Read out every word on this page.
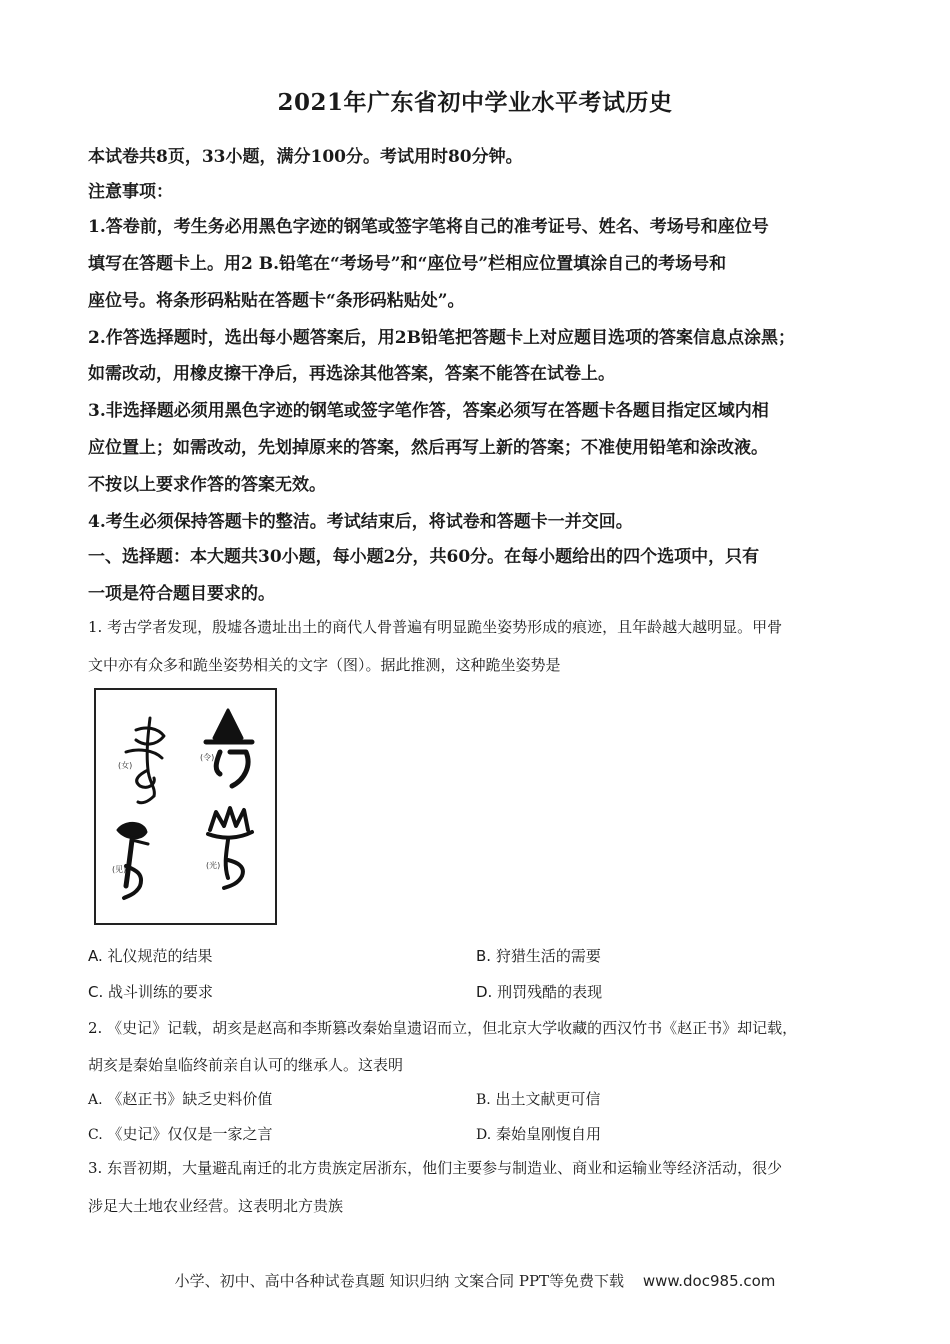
2021年广东省初中学业水平考试历史
本试卷共8页，33小题，满分100分。考试用时80分钟。
注意事项：
1.答卷前，考生务必用黑色字迹的钢笔或签字笔将自己的准考证号、姓名、考场号和座位号
填写在答题卡上。用2 B.铅笔在“考场号”和“座位号”栏相应位置填涂自己的考场号和
座位号。将条形码粘贴在答题卡“条形码粘贴处”。
2.作答选择题时，选出每小题答案后，用2B铅笔把答题卡上对应题目选项的答案信息点涂黑；
如需改动，用橡皮擦干净后，再选涂其他答案，答案不能答在试卷上。
3.非选择题必须用黑色字迹的钢笔或签字笔作答，答案必须写在答题卡各题目指定区域内相
应位置上；如需改动，先划掉原来的答案，然后再写上新的答案；不准使用铅笔和涂改液。
不按以上要求作答的答案无效。
4.考生必须保持答题卡的整洁。考试结束后，将试卷和答题卡一并交回。
一、选择题：本大题共30小题，每小题2分，共60分。在每小题给出的四个选项中，只有
一项是符合题目要求的。
1. 考古学者发现，殷墟各遗址出土的商代人骨普遍有明显跪坐姿势形成的痕迹，且年龄越大越明显。甲骨
文中亦有众多和跪坐姿势相关的文字（图）。据此推测，这种跪坐姿势是
(女)
(令)
(见)	(光)
A. 礼仪规范的结果	B. 狩猎生活的需要
C. 战斗训练的要求	D. 刑罚残酷的表现
2. 《史记》记载，胡亥是赵高和李斯篡改秦始皇遗诏而立，但北京大学收藏的西汉竹书《赵正书》却记载，
胡亥是秦始皇临终前亲自认可的继承人。这表明
A. 《赵正书》缺乏史料价值	B. 出土文献更可信
C. 《史记》仅仅是一家之言	D. 秦始皇刚愎自用
3. 东晋初期，大量避乱南迁的北方贵族定居浙东，他们主要参与制造业、商业和运输业等经济活动，很少
涉足大土地农业经营。这表明北方贵族
小学、初中、高中各种试卷真题 知识归纳 文案合同 PPT等免费下载 www.doc985.com
